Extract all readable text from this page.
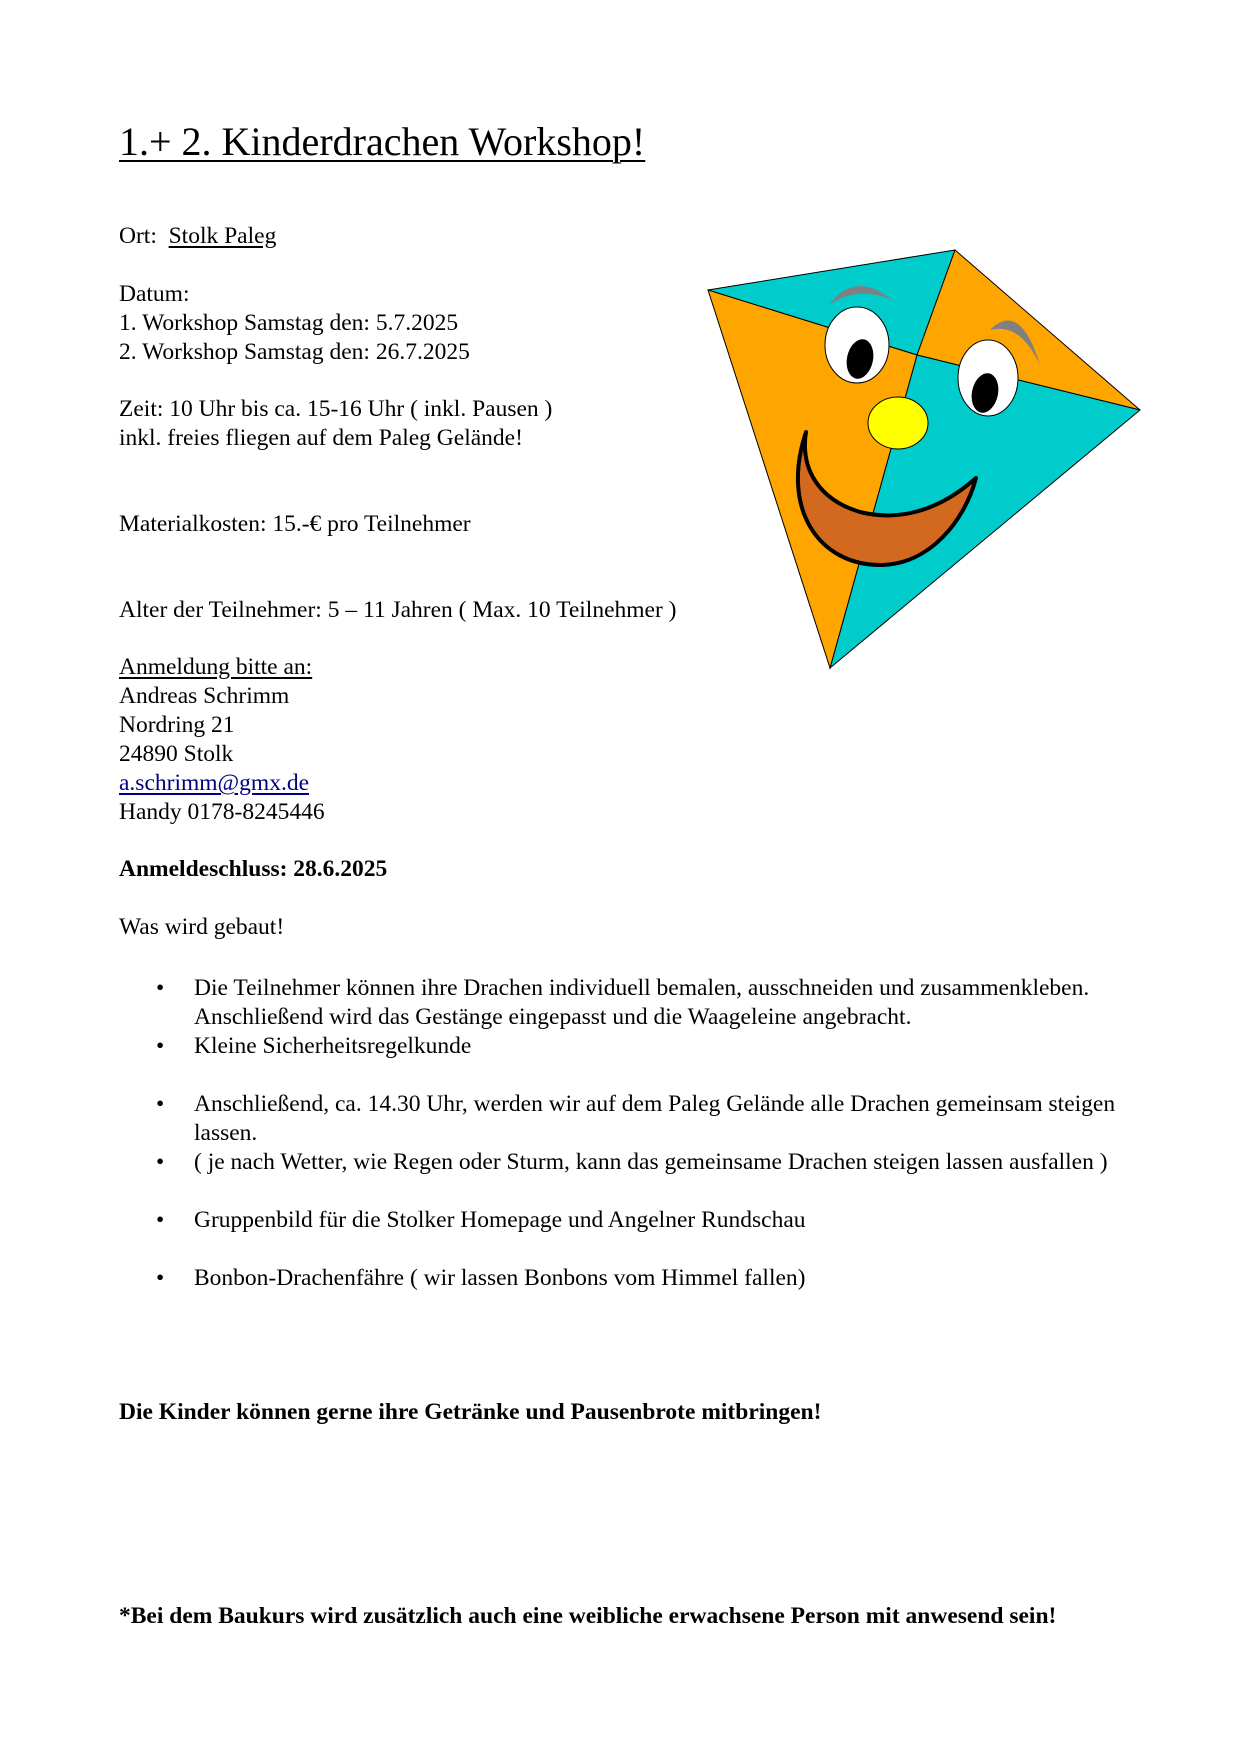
1.+ 2. Kinderdrachen Workshop!
Ort: Stolk Paleg
Datum:
1. Workshop Samstag den: 5.7.2025
2. Workshop Samstag den: 26.7.2025
Zeit: 10 Uhr bis ca. 15-16 Uhr ( inkl. Pausen )
inkl. freies fliegen auf dem Paleg Gelände!
Materialkosten: 15.-€ pro Teilnehmer
Alter der Teilnehmer: 5 – 11 Jahren ( Max. 10 Teilnehmer )
Anmeldung bitte an:
Andreas Schrimm
Nordring 21
24890 Stolk
a.schrimm@gmx.de
Handy 0178-8245446
Anmeldeschluss: 28.6.2025
Was wird gebaut!
• Die Teilnehmer können ihre Drachen individuell bemalen, ausschneiden und zusammenkleben. Anschließend wird das Gestänge eingepasst und die Waageleine angebracht.
• Kleine Sicherheitsregelkunde
• Anschließend, ca. 14.30 Uhr, werden wir auf dem Paleg Gelände alle Drachen gemeinsam steigen lassen.
• ( je nach Wetter, wie Regen oder Sturm, kann das gemeinsame Drachen steigen lassen ausfallen )
• Gruppenbild für die Stolker Homepage und Angelner Rundschau
• Bonbon-Drachenfähre ( wir lassen Bonbons vom Himmel fallen)
Die Kinder können gerne ihre Getränke und Pausenbrote mitbringen!
*Bei dem Baukurs wird zusätzlich auch eine weibliche erwachsene Person mit anwesend sein!
